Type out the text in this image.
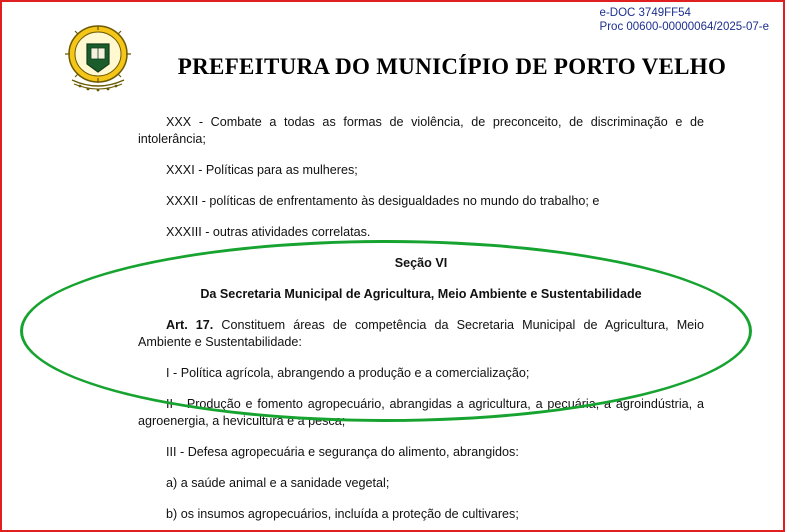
e-DOC 3749FF54
Proc 00600-00000064/2025-07-e
PREFEITURA DO MUNICÍPIO DE PORTO VELHO

XXX - Combate a todas as formas de violência, de preconceito, de discriminação e de intolerância;

XXXI - Políticas para as mulheres;

XXXII - políticas de enfrentamento às desigualdades no mundo do trabalho; e

XXXIII - outras atividades correlatas.

Seção VI

Da Secretaria Municipal de Agricultura, Meio Ambiente e Sustentabilidade

Art. 17. Constituem áreas de competência da Secretaria Municipal de Agricultura, Meio Ambiente e Sustentabilidade:

I - Política agrícola, abrangendo a produção e a comercialização;

II - Produção e fomento agropecuário, abrangidas a agricultura, a pecuária, a agroindústria, a agroenergia, a hevicultura e a pesca;

III - Defesa agropecuária e segurança do alimento, abrangidos:

a) a saúde animal e a sanidade vegetal;

b) os insumos agropecuários, incluída a proteção de cultivares;
